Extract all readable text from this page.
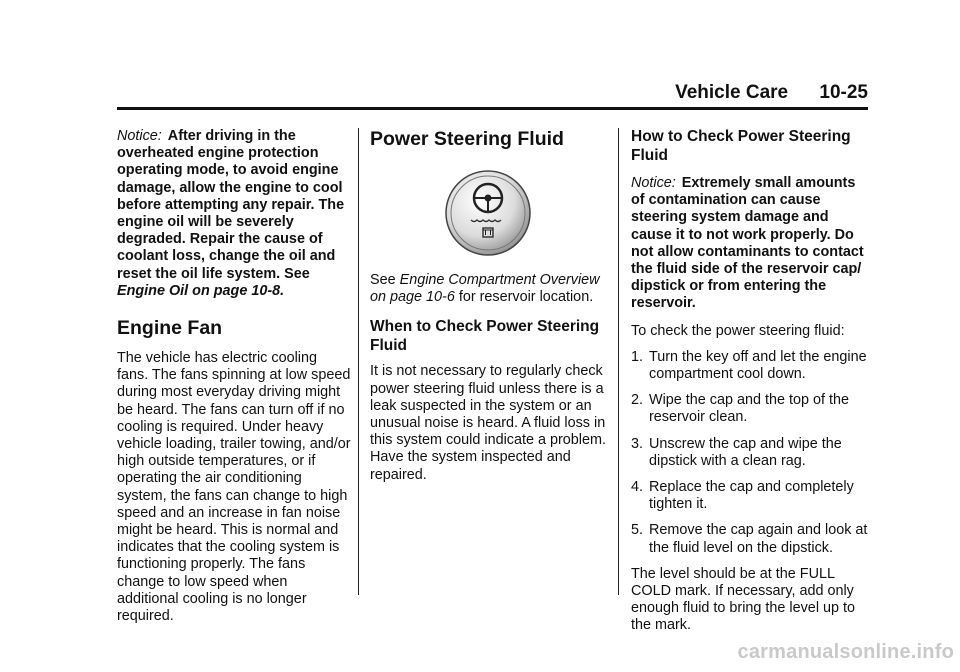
Vehicle Care 10-25

Notice: After driving in the overheated engine protection operating mode, to avoid engine damage, allow the engine to cool before attempting any repair. The engine oil will be severely degraded. Repair the cause of coolant loss, change the oil and reset the oil life system. See Engine Oil on page 10-8.

Engine Fan

The vehicle has electric cooling fans. The fans spinning at low speed during most everyday driving might be heard. The fans can turn off if no cooling is required. Under heavy vehicle loading, trailer towing, and/or high outside temperatures, or if operating the air conditioning system, the fans can change to high speed and an increase in fan noise might be heard. This is normal and indicates that the cooling system is functioning properly. The fans change to low speed when additional cooling is no longer required.

Power Steering Fluid

See Engine Compartment Overview on page 10-6 for reservoir location.

When to Check Power Steering Fluid

It is not necessary to regularly check power steering fluid unless there is a leak suspected in the system or an unusual noise is heard. A fluid loss in this system could indicate a problem. Have the system inspected and repaired.

How to Check Power Steering Fluid

Notice: Extremely small amounts of contamination can cause steering system damage and cause it to not work properly. Do not allow contaminants to contact the fluid side of the reservoir cap/ dipstick or from entering the reservoir.

To check the power steering fluid:

1. Turn the key off and let the engine compartment cool down.
2. Wipe the cap and the top of the reservoir clean.
3. Unscrew the cap and wipe the dipstick with a clean rag.
4. Replace the cap and completely tighten it.
5. Remove the cap again and look at the fluid level on the dipstick.

The level should be at the FULL COLD mark. If necessary, add only enough fluid to bring the level up to the mark.

carmanualsonline.info
